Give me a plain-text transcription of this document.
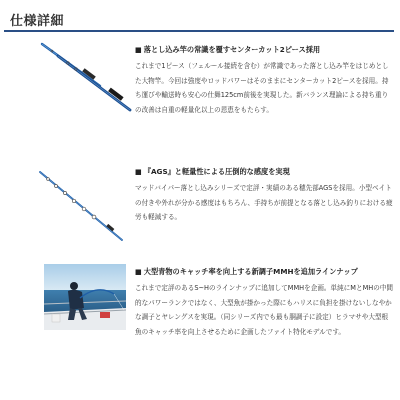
仕様詳細
■ 落とし込み竿の常識を覆すセンターカット2ピース採用
これまで1ピース（フェルール接続を含む）が常識であった落とし込み竿をはじめとした大物竿。今回は強度やロッドパワーはそのままにセンターカット2ピースを採用。持ち運びや輸送時も安心の仕舞125cm前後を実現した。新バランス理論による持ち重りの改善は自重の軽量化以上の恩恵をもたらす。
■ 『AGS』と軽量性による圧倒的な感度を実現
マッドバイパー落とし込みシリーズで定評・実績のある穂先部AGSを採用。小型ベイトの付きや外れが分かる感度はもちろん、手持ちが前提となる落とし込み釣りにおける疲労も軽減する。
■ 大型青物のキャッチ率を向上する新調子MMHを追加ラインナップ
これまで定評のあるS~Hのラインナップに追加してMMHを企画。単純にMとMHの中間的なパワーランクではなく、大型魚が掛かった際にもハリスに負担を掛けないしなやかな調子とヤレングスを実現。（同シリーズ内でも最も胴調子に設定）ヒラマサや大型根魚のキャッチ率を向上させるために企画したファイト特化モデルです。
